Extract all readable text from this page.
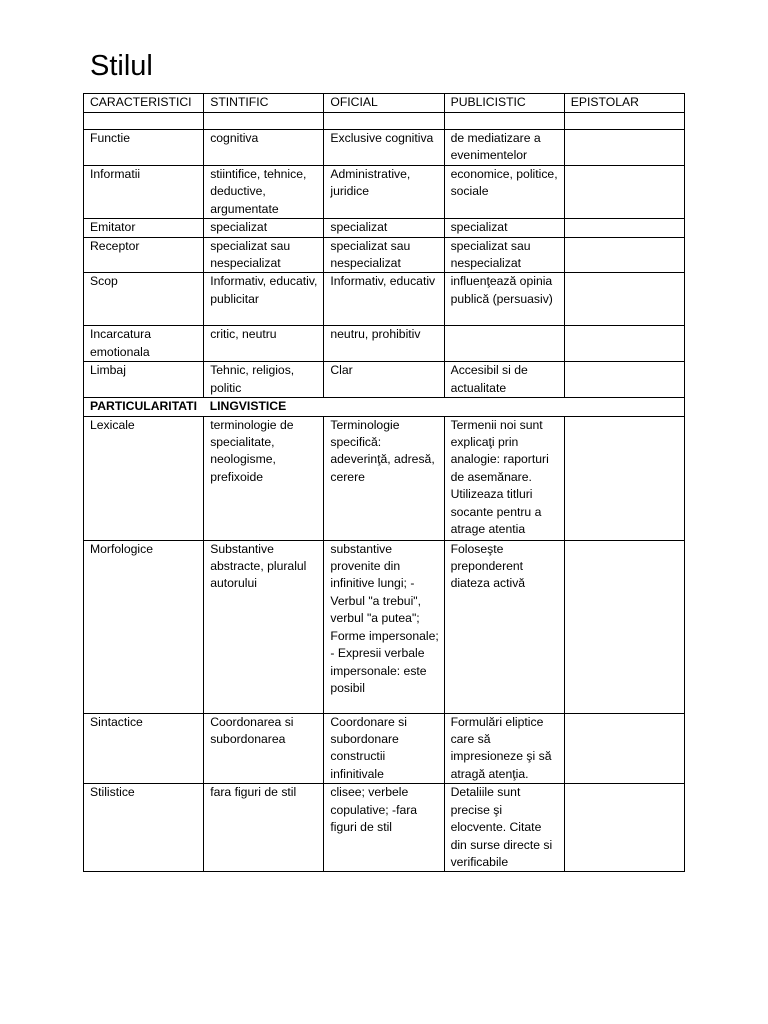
Stilul
CARACTERISTICI	STINTIFIC	OFICIAL	PUBLICISTIC	EPISTOLAR

Functie	cognitiva	Exclusive cognitiva	de mediatizare a evenimentelor	
Informatii	stiintifice, tehnice, deductive, argumentate	Administrative, juridice	economice, politice, sociale	
Emitator	specializat	specializat	specializat	
Receptor	specializat sau nespecializat	specializat sau nespecializat	specializat sau nespecializat	
Scop	Informativ, educativ, publicitar	Informativ, educativ	influenţează opinia publică (persuasiv)	
Incarcatura emotionala	critic, neutru	neutru, prohibitiv		
Limbaj	Tehnic, religios, politic	Clar	Accesibil si de actualitate	
PARTICULARITATI	LINGVISTICE			
Lexicale	terminologie de specialitate, neologisme, prefixoide	Terminologie specifică: adeverinţă, adresă, cerere	Termenii noi sunt explicaţi prin analogie: raporturi de asemănare. Utilizeaza titluri socante pentru a atrage atentia	
Morfologice	Substantive abstracte, pluralul autorului	substantive provenite din infinitive lungi; - Verbul "a trebui", verbul "a putea"; Forme impersonale; - Expresii verbale impersonale: este posibil	Foloseşte preponderent diateza activă	
Sintactice	Coordonarea si subordonarea	Coordonare si subordonare constructii infinitivale	Formulări eliptice care să impresioneze şi să atragă atenţia.	
Stilistice	fara figuri de stil	clisee; verbele copulative; -fara figuri de stil	Detaliile sunt precise şi elocvente. Citate din surse directe si verificabile	
